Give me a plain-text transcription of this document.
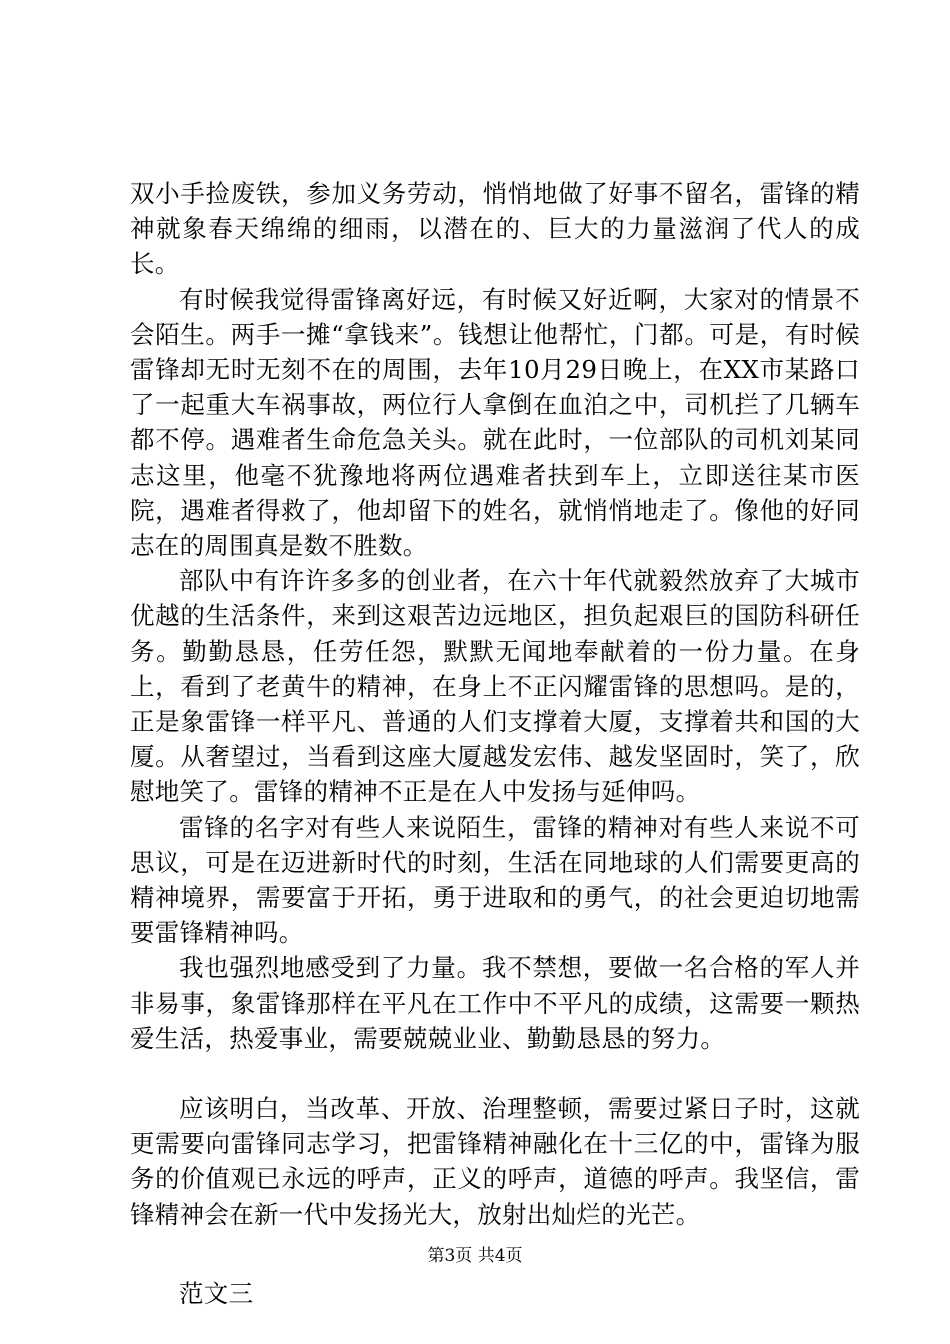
双小手捡废铁，参加义务劳动，悄悄地做了好事不留名，雷锋的精神就象春天绵绵的细雨，以潜在的、巨大的力量滋润了代人的成长。

有时候我觉得雷锋离好远，有时候又好近啊，大家对的情景不会陌生。两手一摊“拿钱来”。钱想让他帮忙，门都。可是，有时候雷锋却无时无刻不在的周围，去年10月29日晚上，在XX市某路口了一起重大车祸事故，两位行人拿倒在血泊之中，司机拦了几辆车都不停。遇难者生命危急关头。就在此时，一位部队的司机刘某同志这里，他毫不犹豫地将两位遇难者扶到车上，立即送往某市医院，遇难者得救了，他却留下的姓名，就悄悄地走了。像他的好同志在的周围真是数不胜数。

部队中有许许多多的创业者，在六十年代就毅然放弃了大城市优越的生活条件，来到这艰苦边远地区，担负起艰巨的国防科研任务。勤勤恳恳，任劳任怨，默默无闻地奉献着的一份力量。在身上，看到了老黄牛的精神，在身上不正闪耀雷锋的思想吗。是的，正是象雷锋一样平凡、普通的人们支撑着大厦，支撑着共和国的大厦。从奢望过，当看到这座大厦越发宏伟、越发坚固时，笑了，欣慰地笑了。雷锋的精神不正是在人中发扬与延伸吗。

雷锋的名字对有些人来说陌生，雷锋的精神对有些人来说不可思议，可是在迈进新时代的时刻，生活在同地球的人们需要更高的精神境界，需要富于开拓，勇于进取和的勇气，的社会更迫切地需要雷锋精神吗。

我也强烈地感受到了力量。我不禁想，要做一名合格的军人并非易事，象雷锋那样在平凡在工作中不平凡的成绩，这需要一颗热爱生活，热爱事业，需要兢兢业业、勤勤恳恳的努力。

应该明白，当改革、开放、治理整顿，需要过紧日子时，这就更需要向雷锋同志学习，把雷锋精神融化在十三亿的中，雷锋为服务的价值观已永远的呼声，正义的呼声，道德的呼声。我坚信，雷锋精神会在新一代中发扬光大，放射出灿烂的光芒。

范文三

第3页 共4页
